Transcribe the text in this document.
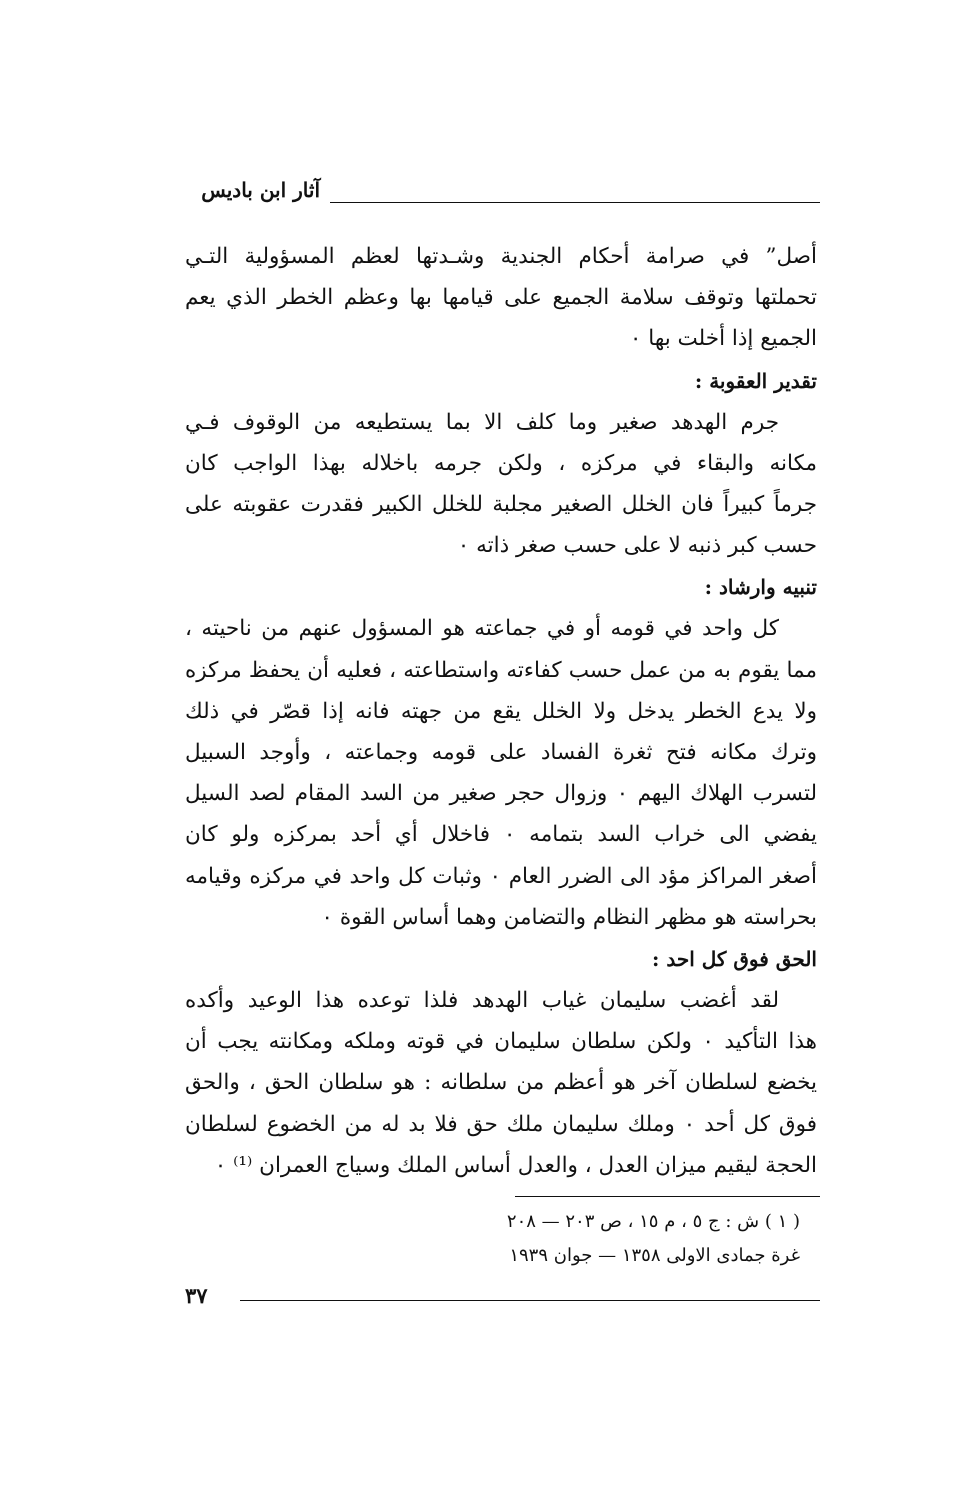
آثار ابن باديس

أصل” في صرامة أحكام الجندية وشـدتها لعظم المسؤولية التـي
تحملتها وتوقف سلامة الجميع على قيامها بها وعظم الخطر الذي يعم
الجميع إذا أخلت بها ٠

تقدير العقوبة :

جرم الهدهد صغير وما كلف الا بما يستطيعه من الوقوف فـي
مكانه والبقاء في مركزه ، ولكن جرمه باخلاله بهذا الواجب كان
جرماً كبيراً فان الخلل الصغير مجلبة للخلل الكبير فقدرت عقوبته على
حسب كبر ذنبه لا على حسب صغر ذاته ٠

تنبيه وارشاد :

كل واحد في قومه أو في جماعته هو المسؤول عنهم من ناحيته ،
مما يقوم به من عمل حسب كفاءته واستطاعته ، فعليه أن يحفظ مركزه
ولا يدع الخطر يدخل ولا الخلل يقع من جهته فانه إذا قصّر في ذلك
وترك مكانه فتح ثغرة الفساد على قومه وجماعته ، وأوجد السبيل
لتسرب الهلاك اليهم ٠ وزوال حجر صغير من السد المقام لصد السيل
يفضي الى خراب السد بتمامه ٠ فاخلال أي أحد بمركزه ولو كان
أصغر المراكز مؤد الى الضرر العام ٠ وثبات كل واحد في مركزه وقيامه
بحراسته هو مظهر النظام والتضامن وهما أساس القوة ٠

الحق فوق كل احد :

لقد أغضب سليمان غياب الهدهد فلذا توعده هذا الوعيد وأكده
هذا التأكيد ٠ ولكن سلطان سليمان في قوته وملكه ومكانته يجب أن
يخضع لسلطان آخر هو أعظم من سلطانه : هو سلطان الحق ، والحق
فوق كل أحد ٠ وملك سليمان ملك حق فلا بد له من الخضوع لسلطان
الحجة ليقيم ميزان العدل ، والعدل أساس الملك وسياج العمران ⁽¹⁾ ٠

( ١ ) ش : ج ٥ ، م ١٥ ، ص ٢٠٣ — ٢٠٨
غرة جمادى الاولى ١٣٥٨ — جوان ١٩٣٩
٣٧
